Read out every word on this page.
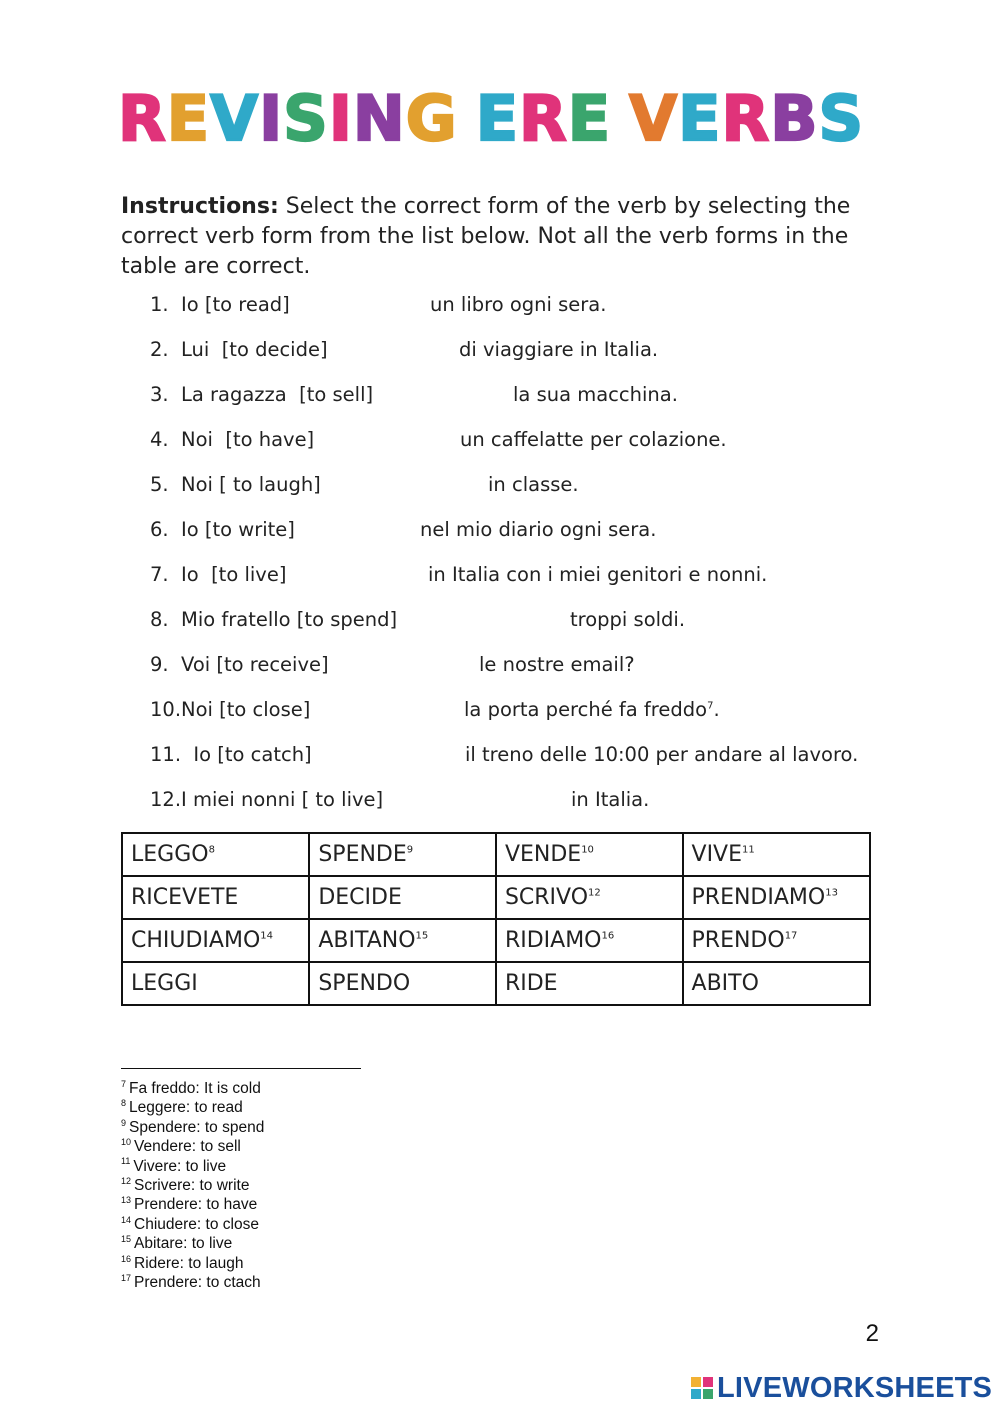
R E V I S I N G E R E V E R B S

Instructions: Select the correct form of the verb by selecting the correct verb form from the list below. Not all the verb forms in the table are correct.

1. Io [to read]	un libro ogni sera.
2. Lui  [to decide]	di viaggiare in Italia.
3. La ragazza  [to sell]	la sua macchina.
4. Noi  [to have]	un caffelatte per colazione.
5. Noi [ to laugh]	in classe.
6. Io [to write]	nel mio diario ogni sera.
7. Io  [to live]	in Italia con i miei genitori e nonni.
8. Mio fratello [to spend]	troppi soldi.
9. Voi [to receive]	le nostre email?
10. Noi [to close]	la porta perché fa freddo$^7$.
11. Io [to catch]	il treno delle 10:00 per andare al lavoro.
12. I miei nonni [ to live]	in Italia.
LEGGO$^8$	SPENDE$^9$	VENDE$^{10}$	VIVE$^{11}$
RICEVETE	DECIDE	SCRIVO$^{12}$	PRENDIAMO$^{13}$
CHIUDIAMO$^{14}$	ABITANO$^{15}$	RIDIAMO$^{16}$	PRENDO$^{17}$
LEGGI	SPENDO	RIDE	ABITO
$^7$ Fa freddo: It is cold
$^8$ Leggere: to read
$^9$ Spendere: to spend
$^{10}$ Vendere: to sell
$^{11}$ Vivere: to live
$^{12}$ Scrivere: to write
$^{13}$ Prendere: to have
$^{14}$ Chiudere: to close
$^{15}$ Abitare: to live
$^{16}$ Ridere: to laugh
$^{17}$ Prendere: to ctach
2
LIVEWORKSHEETS
